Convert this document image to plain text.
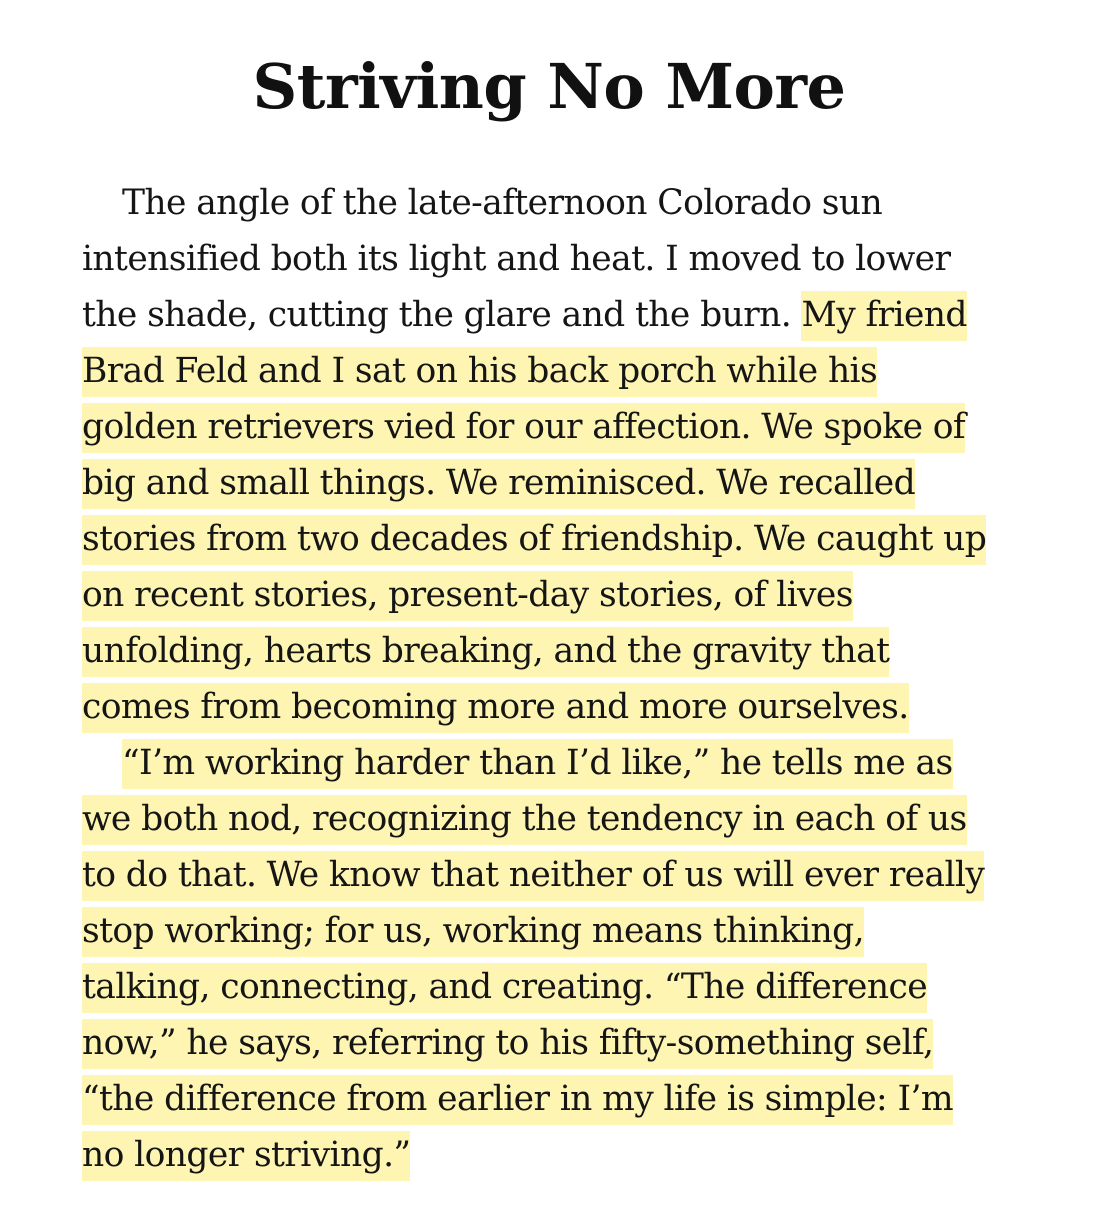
Striving No More
The angle of the late-afternoon Colorado sun
intensified both its light and heat. I moved to lower
the shade, cutting the glare and the burn. My friend
Brad Feld and I sat on his back porch while his
golden retrievers vied for our affection. We spoke of
big and small things. We reminisced. We recalled
stories from two decades of friendship. We caught up
on recent stories, present-day stories, of lives
unfolding, hearts breaking, and the gravity that
comes from becoming more and more ourselves.
“I’m working harder than I’d like,” he tells me as
we both nod, recognizing the tendency in each of us
to do that. We know that neither of us will ever really
stop working; for us, working means thinking,
talking, connecting, and creating. “The difference
now,” he says, referring to his fifty-something self,
“the difference from earlier in my life is simple: I’m
no longer striving.”
